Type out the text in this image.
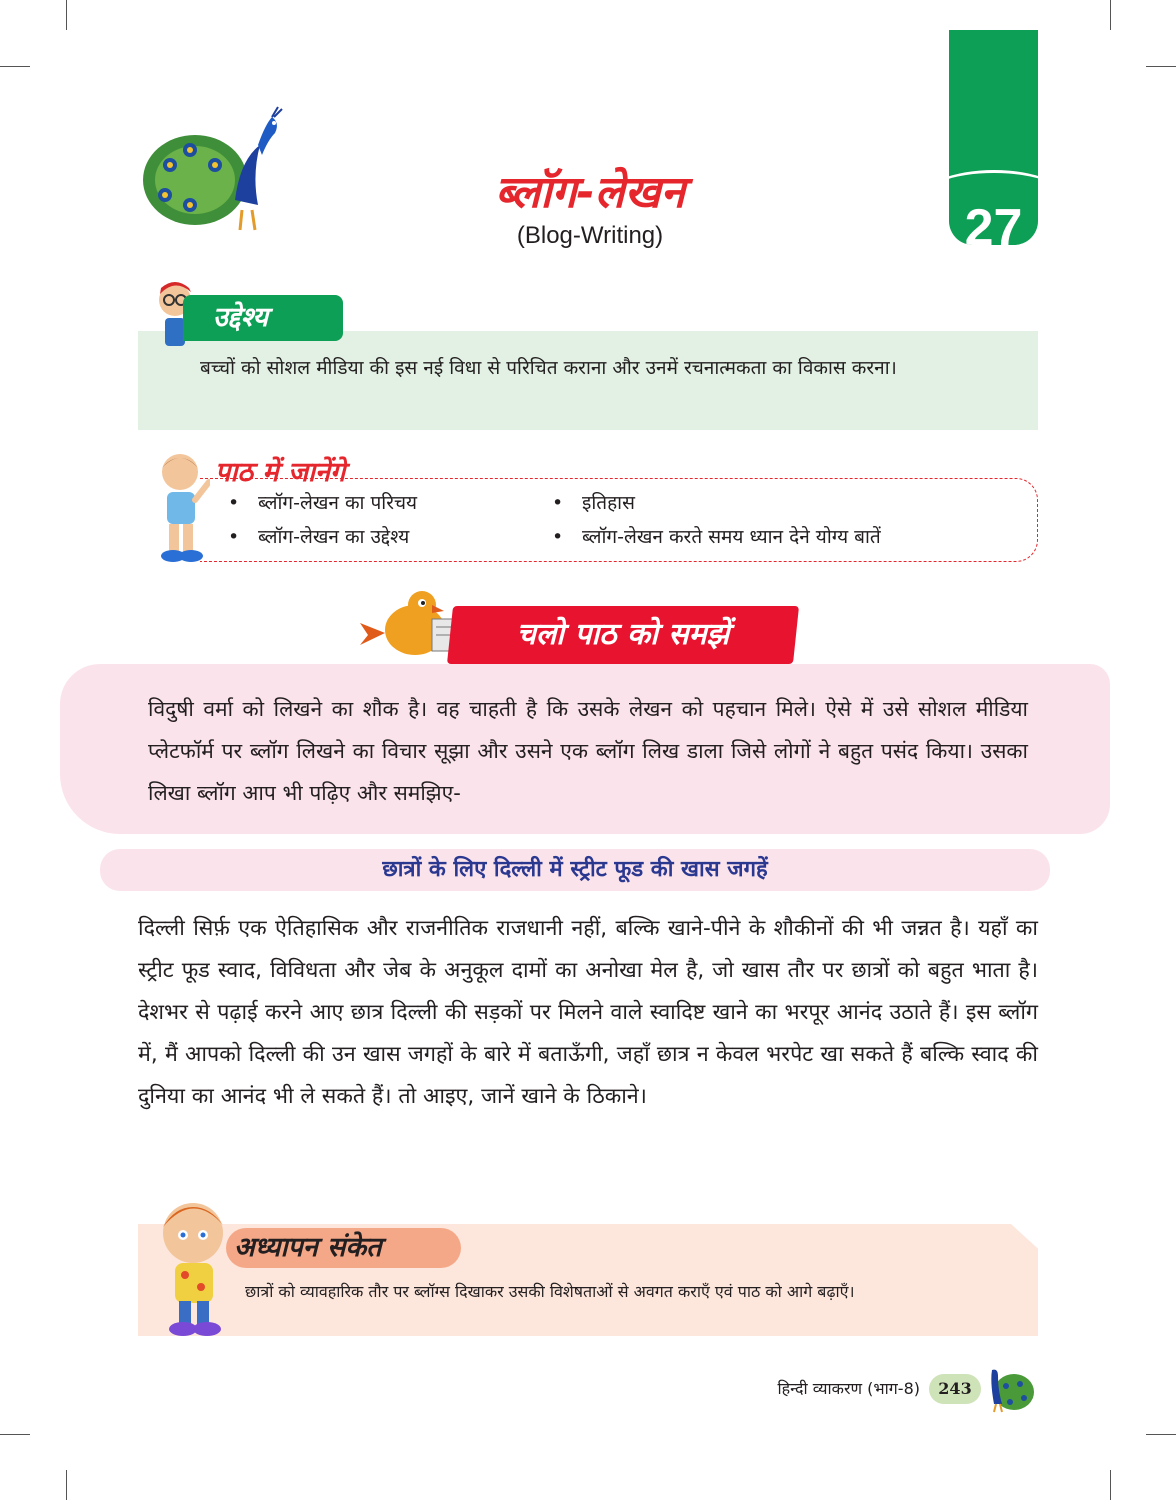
27
ब्लॉग-लेखन
(Blog-Writing)
उद्देश्य
बच्चों को सोशल मीडिया की इस नई विधा से परिचित कराना और उनमें रचनात्मकता का विकास करना।
पाठ में जानेंगे
• ब्लॉग-लेखन का परिचय
• ब्लॉग-लेखन का उद्देश्य
• इतिहास
• ब्लॉग-लेखन करते समय ध्यान देने योग्य बातें
चलो पाठ को समझें
विदुषी वर्मा को लिखने का शौक है। वह चाहती है कि उसके लेखन को पहचान मिले। ऐसे में उसे सोशल मीडिया प्लेटफॉर्म पर ब्लॉग लिखने का विचार सूझा और उसने एक ब्लॉग लिख डाला जिसे लोगों ने बहुत पसंद किया। उसका लिखा ब्लॉग आप भी पढ़िए और समझिए-
छात्रों के लिए दिल्ली में स्ट्रीट फूड की खास जगहें
दिल्ली सिर्फ़ एक ऐतिहासिक और राजनीतिक राजधानी नहीं, बल्कि खाने-पीने के शौकीनों की भी जन्नत है। यहाँ का स्ट्रीट फूड स्वाद, विविधता और जेब के अनुकूल दामों का अनोखा मेल है, जो खास तौर पर छात्रों को बहुत भाता है। देशभर से पढ़ाई करने आए छात्र दिल्ली की सड़कों पर मिलने वाले स्वादिष्ट खाने का भरपूर आनंद उठाते हैं। इस ब्लॉग में, मैं आपको दिल्ली की उन खास जगहों के बारे में बताऊँगी, जहाँ छात्र न केवल भरपेट खा सकते हैं बल्कि स्वाद की दुनिया का आनंद भी ले सकते हैं। तो आइए, जानें खाने के ठिकाने।
अध्यापन संकेत
छात्रों को व्यावहारिक तौर पर ब्लॉग्स दिखाकर उसकी विशेषताओं से अवगत कराएँ एवं पाठ को आगे बढ़ाएँ।
हिन्दी व्याकरण (भाग-8)	243
